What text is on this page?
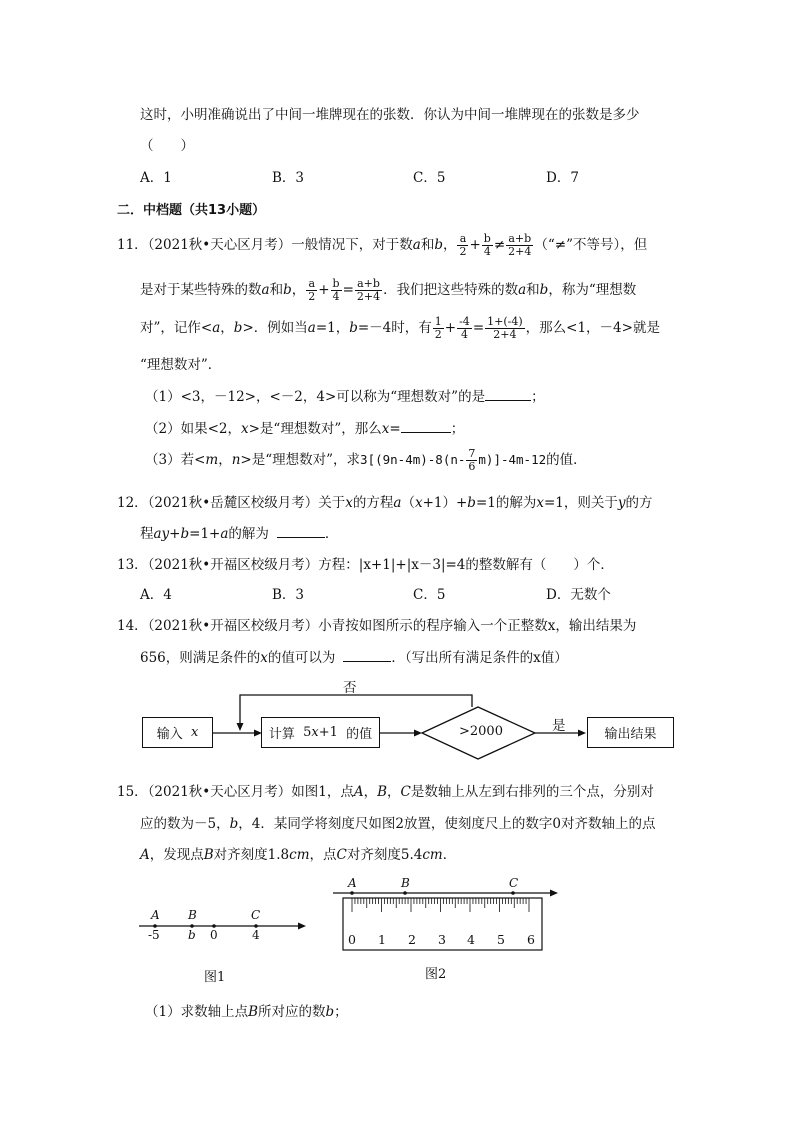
这时，小明准确说出了中间一堆牌现在的张数．你认为中间一堆牌现在的张数是多少
（　　）
A．1	B．3	C．5	D．7
二．中档题（共13小题）
11．（2021秋•天心区月考）一般情况下，对于数a和b， $\frac{a}{2} + \frac{b}{4} \ne \frac{a+b}{2+4}$ （“≠”不等号），但
是对于某些特殊的数a和b， $\frac{a}{2} + \frac{b}{4} = \frac{a+b}{2+4}$ ．我们把这些特殊的数a和b，称为“理想数
对”，记作<a，b>．例如当a=1，b=－4时，有 $\frac{1}{2} + \frac{-4}{4} = \frac{1+(-4)}{2+4}$ ，那么<1，－4>就是
“理想数对”．
（1）<3，－12>，<－2，4>可以称为“理想数对”的是	；
（2）如果<2，x>是“理想数对”，那么x=	；
（3）若<m，n>是“理想数对”，求$3[(9n-4m)-8(n- \frac{7}{6} m)]-4m-12$的值．
12．（2021秋•岳麓区校级月考）关于x的方程a（x+1）+b=1的解为x=1，则关于y的方
程ay+b=1+a的解为	．
13．（2021秋•开福区校级月考）方程：|x+1|+|x－3|=4的整数解有（　　）个．
A．4	B．3	C．5	D．无数个
14．（2021秋•开福区校级月考）小青按如图所示的程序输入一个正整数x，输出结果为
656，则满足条件的x的值可以为	．（写出所有满足条件的x值）
输入
x	计算
5 x +1
的值	>2000	是
否
输出结果
15．（2021秋•天心区月考）如图1，点A，B，C是数轴上从左到右排列的三个点，分别对
应的数为－5，b，4．某同学将刻度尺如图2放置，使刻度尺上的数字0对齐数轴上的点
A，发现点B对齐刻度1.8cm，点C对齐刻度5.4cm．
A B	C
-5 b 0	4
图1
A	B	C
0 1 2 3 4 5 6
图2
（1）求数轴上点B所对应的数b；
